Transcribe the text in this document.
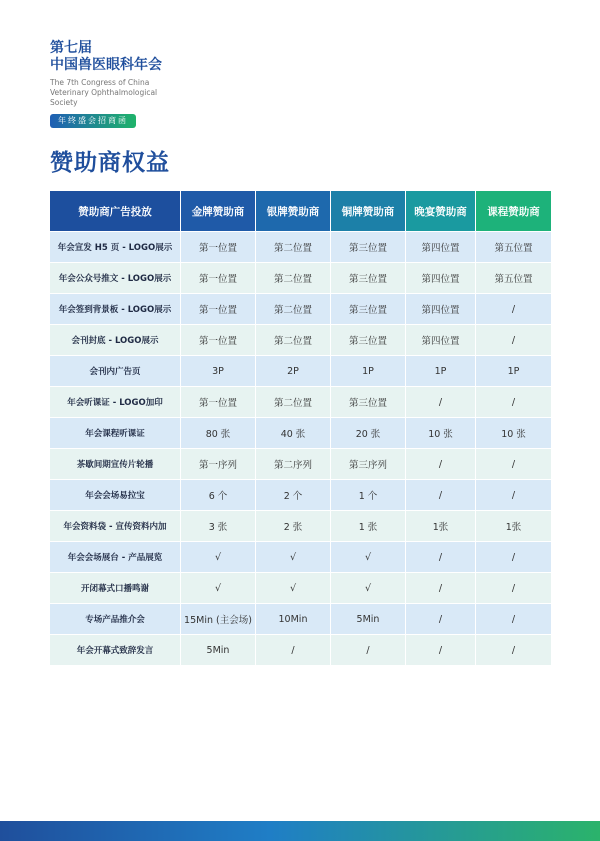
第七届
中国兽医眼科年会
The 7th Congress of China Veterinary Ophthalmological Society
年终盛会招商函
赞助商权益
赞助商广告投放	金牌赞助商	银牌赞助商	铜牌赞助商	晚宴赞助商	课程赞助商
年会宣发 H5 页 - LOGO展示	第一位置	第二位置	第三位置	第四位置	第五位置
年会公众号推文 - LOGO展示	第一位置	第二位置	第三位置	第四位置	第五位置
年会签到背景板 - LOGO展示	第一位置	第二位置	第三位置	第四位置	/
会刊封底 - LOGO展示	第一位置	第二位置	第三位置	第四位置	/
会刊内广告页	3P	2P	1P	1P	1P
年会听课证 - LOGO加印	第一位置	第二位置	第三位置	/	/
年会课程听课证	80 张	40 张	20 张	10 张	10 张
茶歇间期宣传片轮播	第一序列	第二序列	第三序列	/	/
年会会场易拉宝	6 个	2 个	1 个	/	/
年会资料袋 - 宣传资料内加	3 张	2 张	1 张	1张	1张
年会会场展台 - 产品展览	√	√	√	/	/
开闭幕式口播鸣谢	√	√	√	/	/
专场产品推介会	15Min (主会场)	10Min	5Min	/	/
年会开幕式致辞发言	5Min	/	/	/	/
